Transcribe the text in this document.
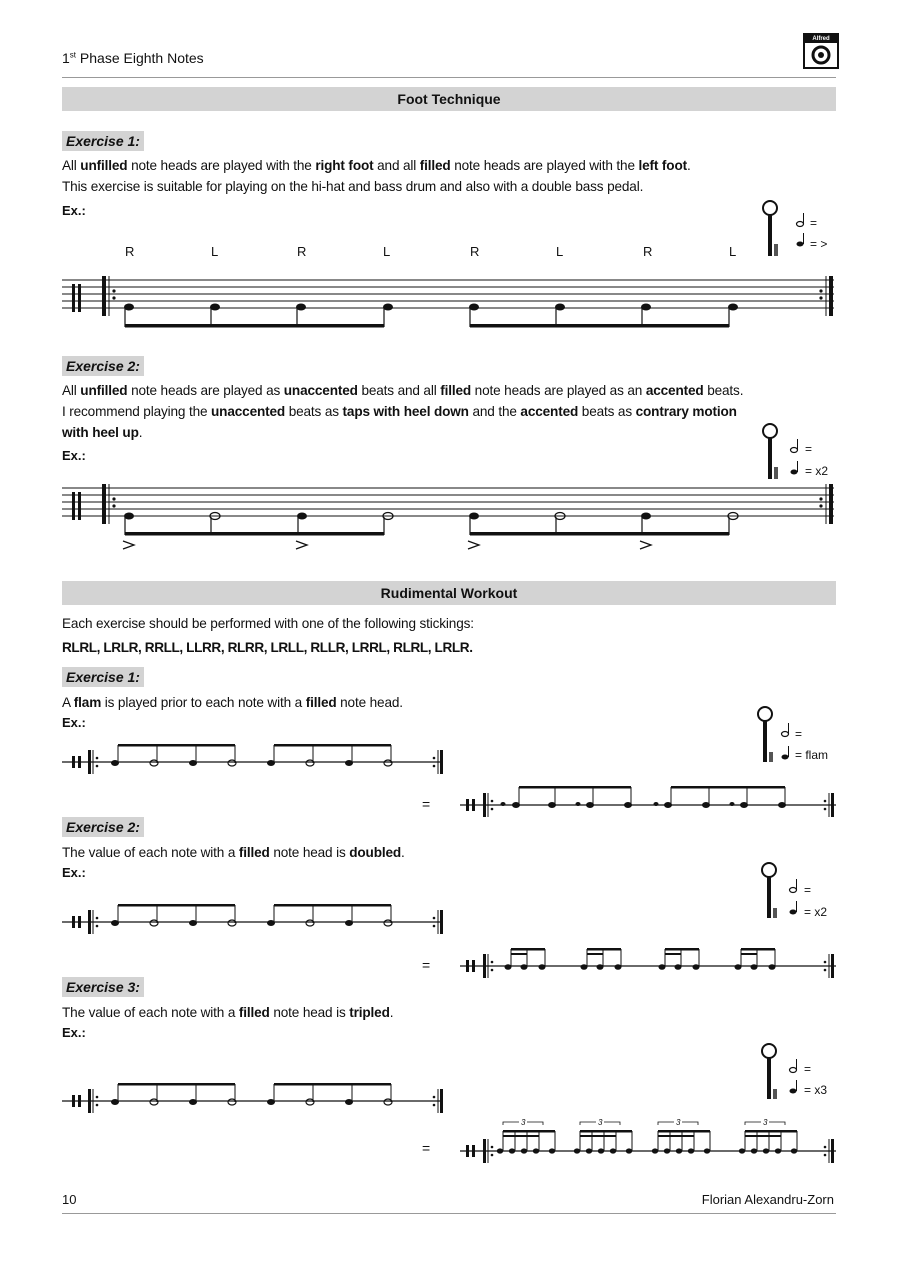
1st Phase Eighth Notes
Alfred
Foot Technique
Exercise 1:
All unfilled note heads are played with the right foot and all filled note heads are played with the left foot.
This exercise is suitable for playing on the hi-hat and bass drum and also with a double bass pedal.
Ex.:
R	L	R	L	R	L	R	L
=
= >
Exercise 2:
All unfilled note heads are played as unaccented beats and all filled note heads are played as an accented beats.
I recommend playing the unaccented beats as taps with heel down and the accented beats as contrary motion
with heel up.
Ex.:	=
= x2
Rudimental Workout
Each exercise should be performed with one of the following stickings:
RLRL, LRLR, RRLL, LLRR, RLRR, LRLL, RLLR, LRRL, RLRL, LRLR.
Exercise 1:
A flam is played prior to each note with a filled note head.
Ex.:
=
= flam
=
Exercise 2:
The value of each note with a filled note head is doubled.
Ex.:
=
= x2
=
Exercise 3:
The value of each note with a filled note head is tripled.
Ex.:
=
= x3
=
3	3	3	3
10	Florian Alexandru-Zorn
